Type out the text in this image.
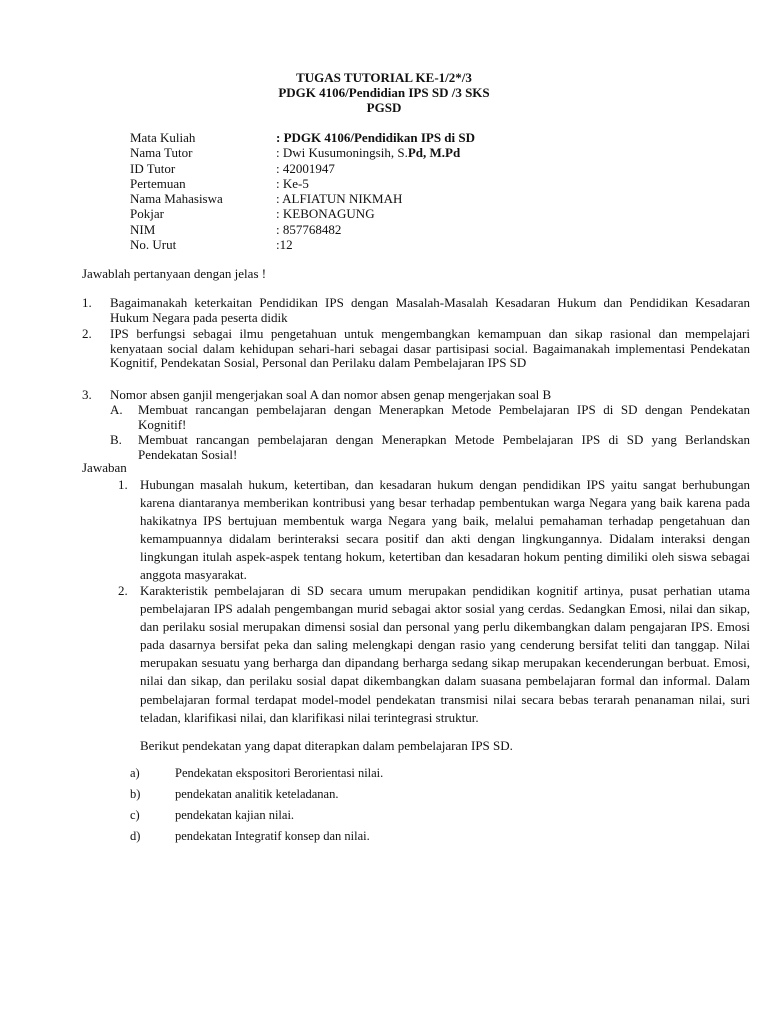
TUGAS TUTORIAL KE-1/2*/3
PDGK 4106/Pendidian IPS SD /3 SKS
PGSD
Mata Kuliah	: PDGK 4106/Pendidikan IPS di SD
Nama Tutor	: Dwi Kusumoningsih, S. Pd, M.Pd
ID Tutor	: 42001947
Pertemuan	: Ke-5
Nama Mahasiswa	: ALFIATUN NIKMAH
Pokjar	: KEBONAGUNG
NIM	: 857768482
No. Urut	:12
Jawablah pertanyaan dengan jelas !
1. Bagaimanakah keterkaitan Pendidikan IPS dengan Masalah-Masalah Kesadaran Hukum dan Pendidikan Kesadaran Hukum Negara pada peserta didik
2. IPS berfungsi sebagai ilmu pengetahuan untuk mengembangkan kemampuan dan sikap rasional dan mempelajari kenyataan social dalam kehidupan sehari-hari sebagai dasar partisipasi social. Bagaimanakah implementasi Pendekatan Kognitif, Pendekatan Sosial, Personal dan Perilaku dalam Pembelajaran IPS SD
3. Nomor absen ganjil mengerjakan soal A dan nomor absen genap mengerjakan soal B
A. Membuat rancangan pembelajaran dengan Menerapkan Metode Pembelajaran IPS di SD dengan Pendekatan Kognitif!
B. Membuat rancangan pembelajaran dengan Menerapkan Metode Pembelajaran IPS di SD yang Berlandskan Pendekatan Sosial!
Jawaban
1. Hubungan masalah hukum, ketertiban, dan kesadaran hukum dengan pendidikan IPS yaitu sangat berhubungan karena diantaranya memberikan kontribusi yang besar terhadap pembentukan warga Negara yang baik karena pada hakikatnya IPS bertujuan membentuk warga Negara yang baik, melalui pemahaman terhadap pengetahuan dan kemampuannya didalam berinteraksi secara positif dan akti dengan lingkungannya. Didalam interaksi dengan lingkungan itulah aspek-aspek tentang hokum, ketertiban dan kesadaran hokum penting dimiliki oleh siswa sebagai anggota masyarakat.
2. Karakteristik pembelajaran di SD secara umum merupakan pendidikan kognitif artinya, pusat perhatian utama pembelajaran IPS adalah pengembangan murid sebagai aktor sosial yang cerdas. Sedangkan Emosi, nilai dan sikap, dan perilaku sosial merupakan dimensi sosial dan personal yang perlu dikembangkan dalam pengajaran IPS. Emosi pada dasarnya bersifat peka dan saling melengkapi dengan rasio yang cenderung bersifat teliti dan tanggap. Nilai merupakan sesuatu yang berharga dan dipandang berharga sedang sikap merupakan kecenderungan berbuat. Emosi, nilai dan sikap, dan perilaku sosial dapat dikembangkan dalam suasana pembelajaran formal dan informal. Dalam pembelajaran formal terdapat model-model pendekatan transmisi nilai secara bebas terarah penanaman nilai, suri teladan, klarifikasi nilai, dan klarifikasi nilai terintegrasi struktur.
Berikut pendekatan yang dapat diterapkan dalam pembelajaran IPS SD.
a)	Pendekatan ekspositori Berorientasi nilai.
b)	pendekatan analitik keteladanan.
c)	pendekatan kajian nilai.
d)	pendekatan Integratif konsep dan nilai.
